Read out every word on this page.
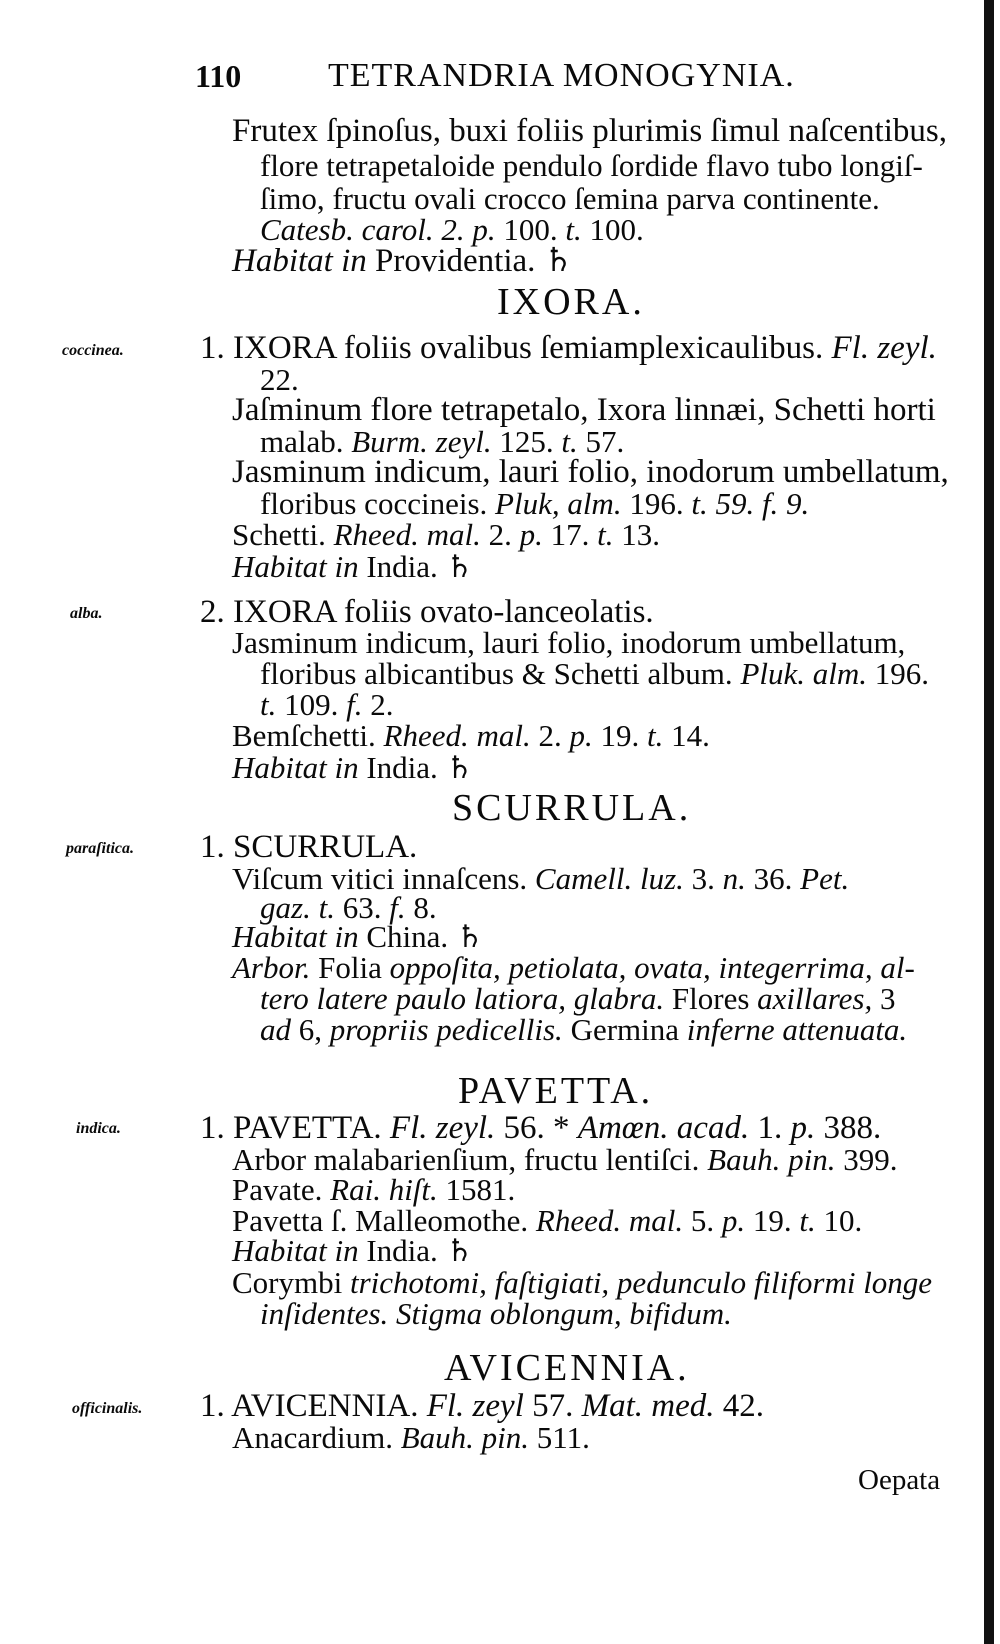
110	TETRANDRIA MONOGYNIA.
Frutex ſpinoſus, buxi foliis plurimis ſimul naſcentibus,
flore tetrapetaloide pendulo ſordide flavo tubo longiſ-
ſimo, fructu ovali crocco ſemina parva continente.
Catesb. carol. 2. p. 100. t. 100.
Habitat in Providentia. ♄
IXORA.
coccinea. 1. IXORA foliis ovalibus ſemiamplexicaulibus. Fl. zeyl.
22.
Jaſminum flore tetrapetalo, Ixora linnæi, Schetti horti
malab. Burm. zeyl. 125. t. 57.
Jasminum indicum, lauri folio, inodorum umbellatum,
floribus coccineis. Pluk, alm. 196. t. 59. f. 9.
Schetti. Rheed. mal. 2. p. 17. t. 13.
Habitat in India. ♄
alba.	2. IXORA foliis ovato-lanceolatis.
Jasminum indicum, lauri folio, inodorum umbellatum,
floribus albicantibus & Schetti album. Pluk. alm. 196.
t. 109. f. 2.
Bemſchetti. Rheed. mal. 2. p. 19. t. 14.
Habitat in India. ♄
SCURRULA.
paraſitica. 1. SCURRULA.
Viſcum vitici innaſcens. Camell. luz. 3. n. 36. Pet.
gaz. t. 63. f. 8.
Habitat in China. ♄
Arbor. Folia oppoſita, petiolata, ovata, integerrima, al-
tero latere paulo latiora, glabra. Flores axillares, 3
ad 6, propriis pedicellis. Germina inferne attenuata.
PAVETTA.
indica. 1. PAVETTA. Fl. zeyl. 56. * Amœn. acad. 1. p. 388.
Arbor malabarienſium, fructu lentiſci. Bauh. pin. 399.
Pavate. Rai. hiſt. 1581.
Pavetta ſ. Malleomothe. Rheed. mal. 5. p. 19. t. 10.
Habitat in India. ♄
Corymbi trichotomi, faſtigiati, pedunculo filiformi longe
inſidentes. Stigma oblongum, bifidum.
AVICENNIA.
officinalis. 1. AVICENNIA. Fl. zeyl 57. Mat. med. 42.
Anacardium. Bauh. pin. 511.
Oepata
